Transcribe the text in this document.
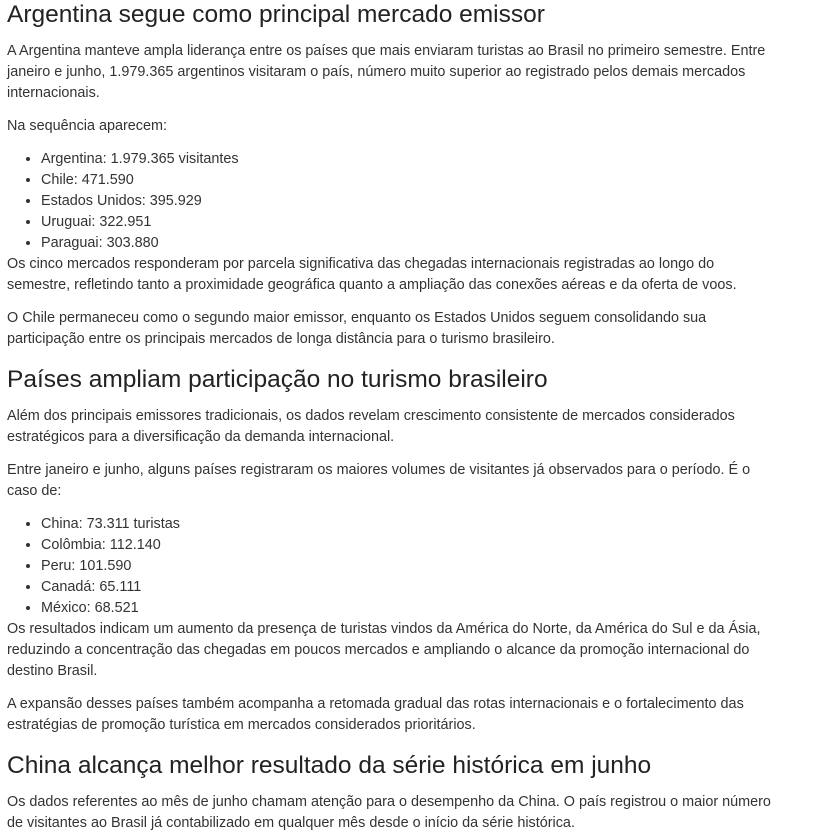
Argentina segue como principal mercado emissor

A Argentina manteve ampla liderança entre os países que mais enviaram turistas ao Brasil no primeiro semestre. Entre janeiro e junho, 1.979.365 argentinos visitaram o país, número muito superior ao registrado pelos demais mercados internacionais.

Na sequência aparecem:

• Argentina: 1.979.365 visitantes
• Chile: 471.590
• Estados Unidos: 395.929
• Uruguai: 322.951
• Paraguai: 303.880

Os cinco mercados responderam por parcela significativa das chegadas internacionais registradas ao longo do semestre, refletindo tanto a proximidade geográfica quanto a ampliação das conexões aéreas e da oferta de voos.

O Chile permaneceu como o segundo maior emissor, enquanto os Estados Unidos seguem consolidando sua participação entre os principais mercados de longa distância para o turismo brasileiro.

Países ampliam participação no turismo brasileiro

Além dos principais emissores tradicionais, os dados revelam crescimento consistente de mercados considerados estratégicos para a diversificação da demanda internacional.

Entre janeiro e junho, alguns países registraram os maiores volumes de visitantes já observados para o período. É o caso de:

• China: 73.311 turistas
• Colômbia: 112.140
• Peru: 101.590
• Canadá: 65.111
• México: 68.521

Os resultados indicam um aumento da presença de turistas vindos da América do Norte, da América do Sul e da Ásia, reduzindo a concentração das chegadas em poucos mercados e ampliando o alcance da promoção internacional do destino Brasil.

A expansão desses países também acompanha a retomada gradual das rotas internacionais e o fortalecimento das estratégias de promoção turística em mercados considerados prioritários.

China alcança melhor resultado da série histórica em junho

Os dados referentes ao mês de junho chamam atenção para o desempenho da China. O país registrou o maior número de visitantes ao Brasil já contabilizado em qualquer mês desde o início da série histórica.
